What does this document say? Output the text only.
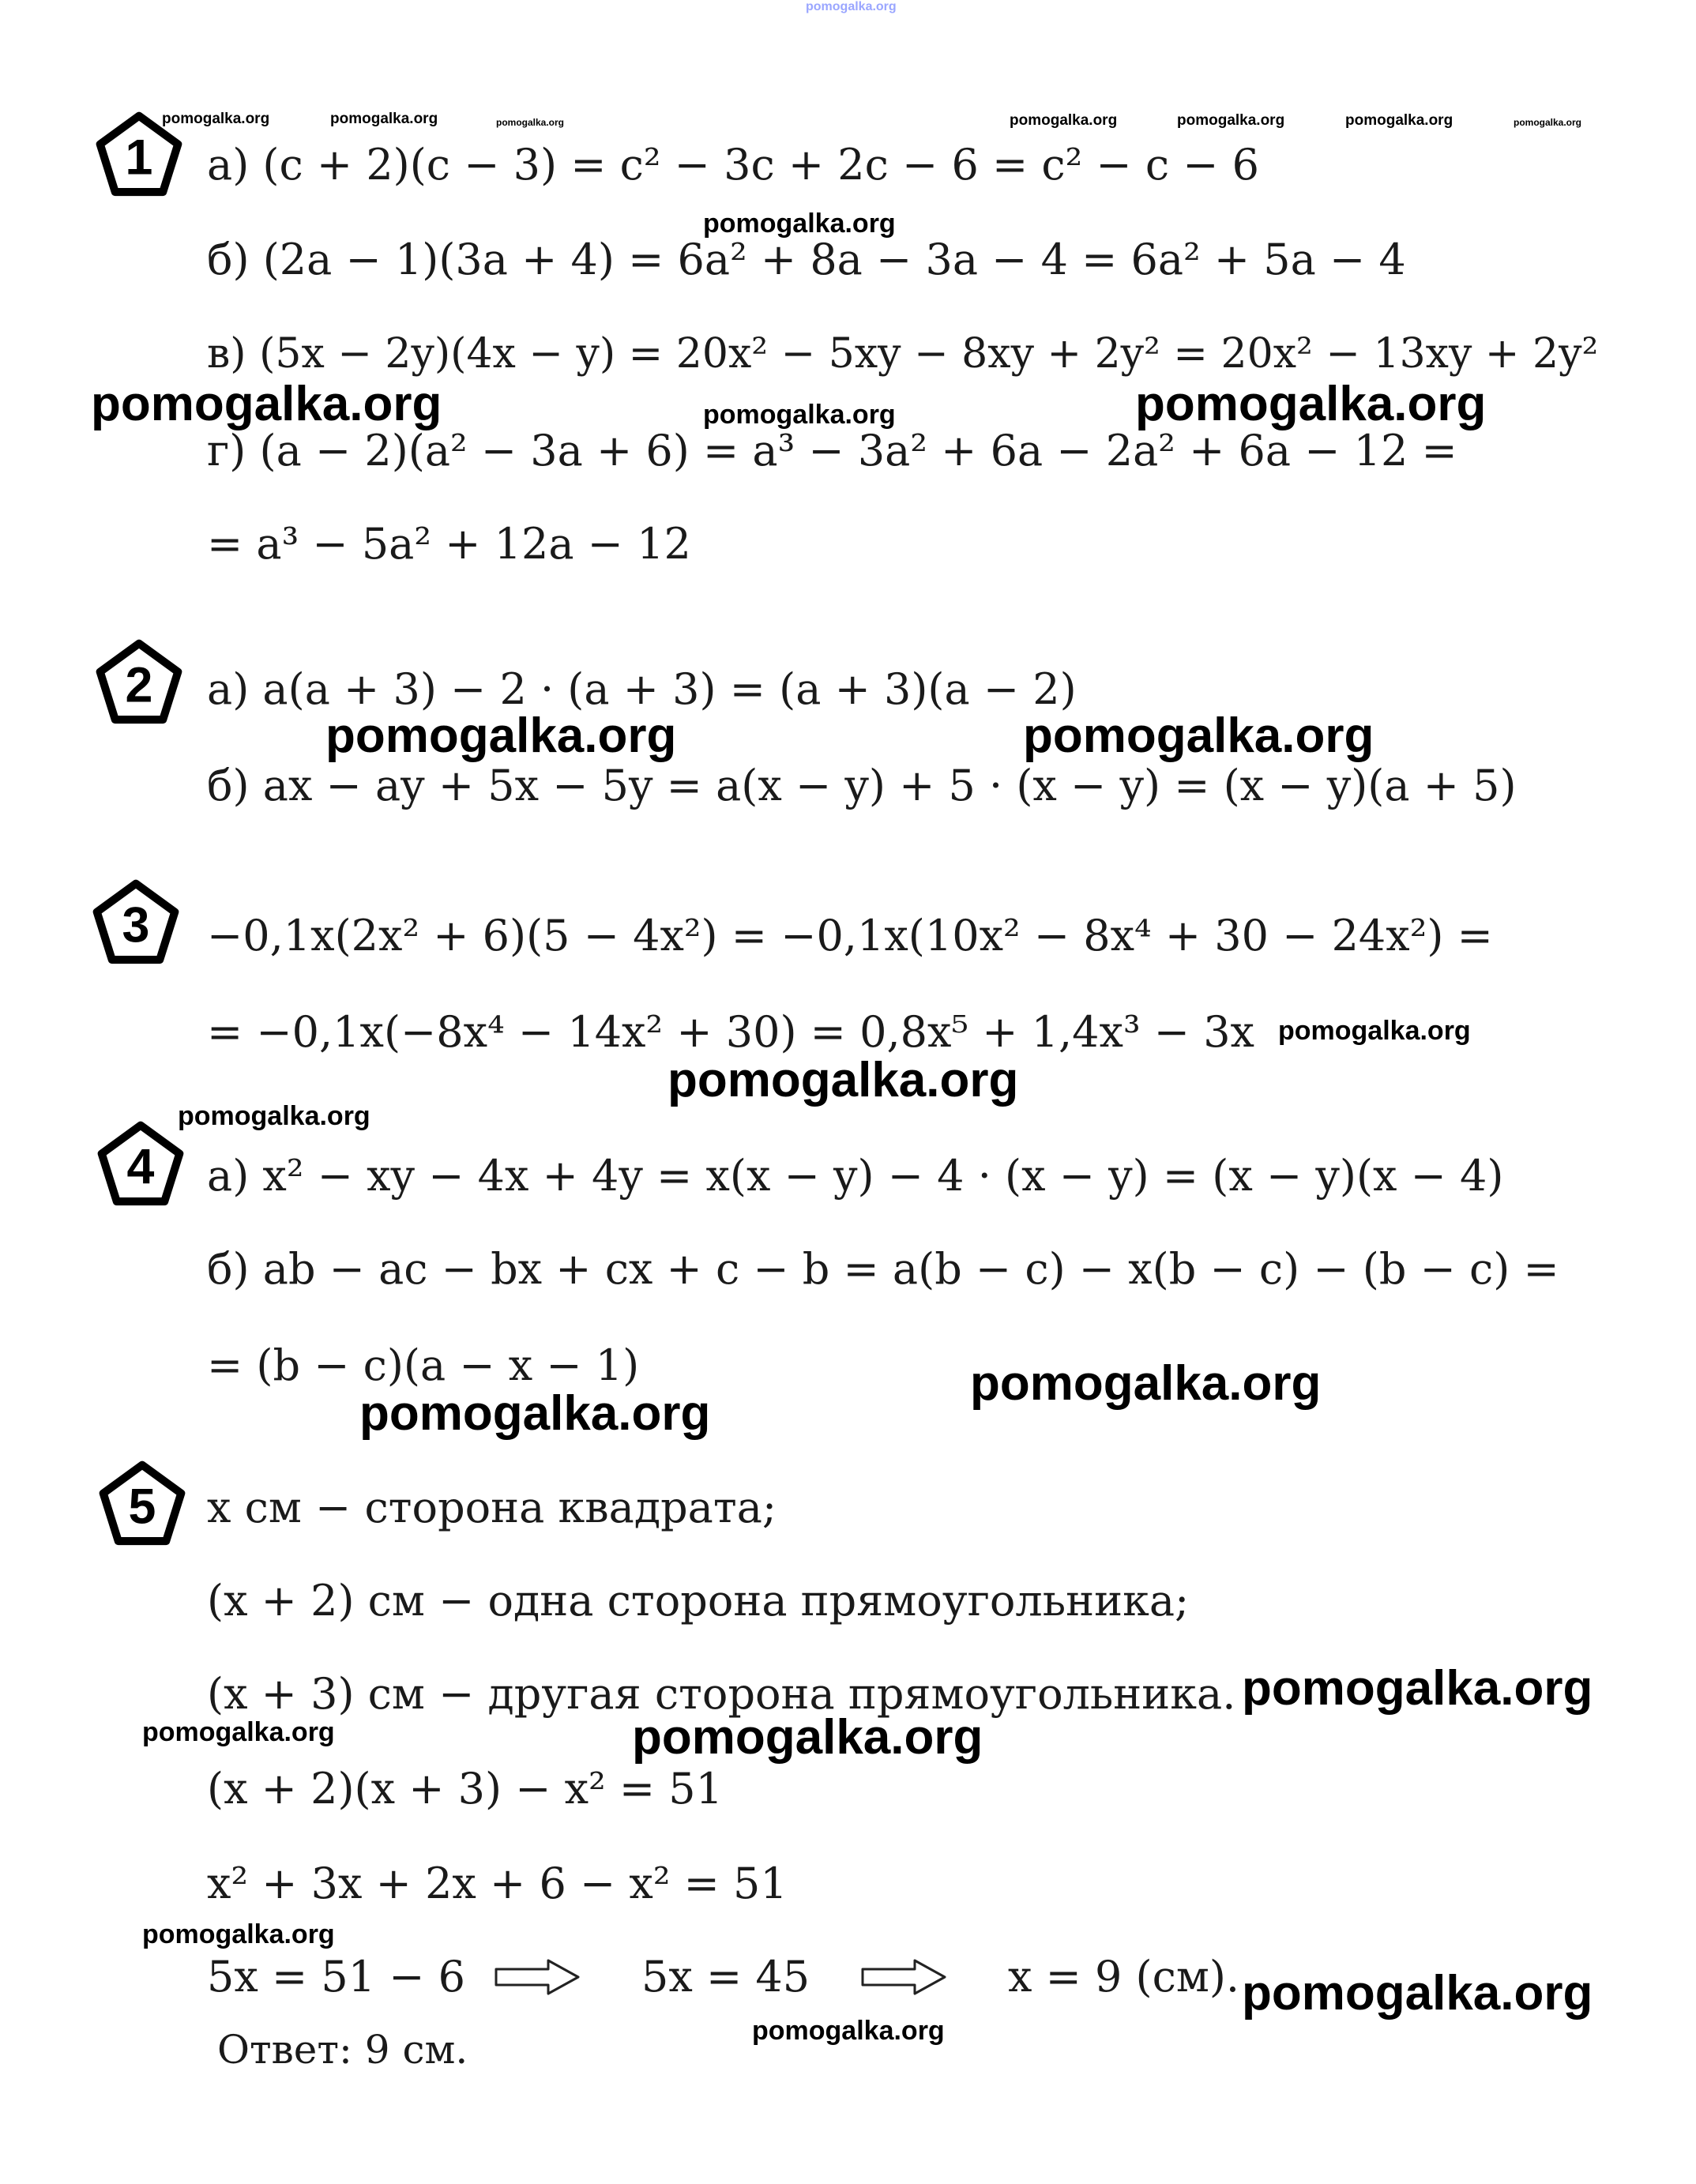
pomogalka.org
pomogalka.org	pomogalka.org	pomogalka.org	pomogalka.org	pomogalka.org	pomogalka.org	pomogalka.org
1 а) (c + 2)(c − 3) = c² − 3c + 2c − 6 = c² − c − 6
pomogalka.org
б) (2a − 1)(3a + 4) = 6a² + 8a − 3a − 4 = 6a² + 5a − 4
в) (5x − 2y)(4x − y) = 20x² − 5xy − 8xy + 2y² = 20x² − 13xy + 2y²
pomogalka.org	pomogalka.org	pomogalka.org
г) (a − 2)(a² − 3a + 6) = a³ − 3a² + 6a − 2a² + 6a − 12 =
= a³ − 5a² + 12a − 12
2 а) a(a + 3) − 2 · (a + 3) = (a + 3)(a − 2)
pomogalka.org	pomogalka.org
б) ax − ay + 5x − 5y = a(x − y) + 5 · (x − y) = (x − y)(a + 5)
3 −0,1x(2x² + 6)(5 − 4x²) = −0,1x(10x² − 8x⁴ + 30 − 24x²) =
= −0,1x(−8x⁴ − 14x² + 30) = 0,8x⁵ + 1,4x³ − 3x pomogalka.org
pomogalka.org
pomogalka.org
4 а) x² − xy − 4x + 4y = x(x − y) − 4 · (x − y) = (x − y)(x − 4)
б) ab − ac − bx + cx + c − b = a(b − c) − x(b − c) − (b − c) =
= (b − c)(a − x − 1)	pomogalka.org
pomogalka.org
5 x см − сторона квадрата;
(x + 2) см − одна сторона прямоугольника;
(x + 3) см − другая сторона прямоугольника. pomogalka.org
pomogalka.org	pomogalka.org
(x + 2)(x + 3) − x² = 51
x² + 3x + 2x + 6 − x² = 51
pomogalka.org
5x = 51 − 6	5x = 45	x = 9 (см). pomogalka.org
Ответ: 9 см.	pomogalka.org
